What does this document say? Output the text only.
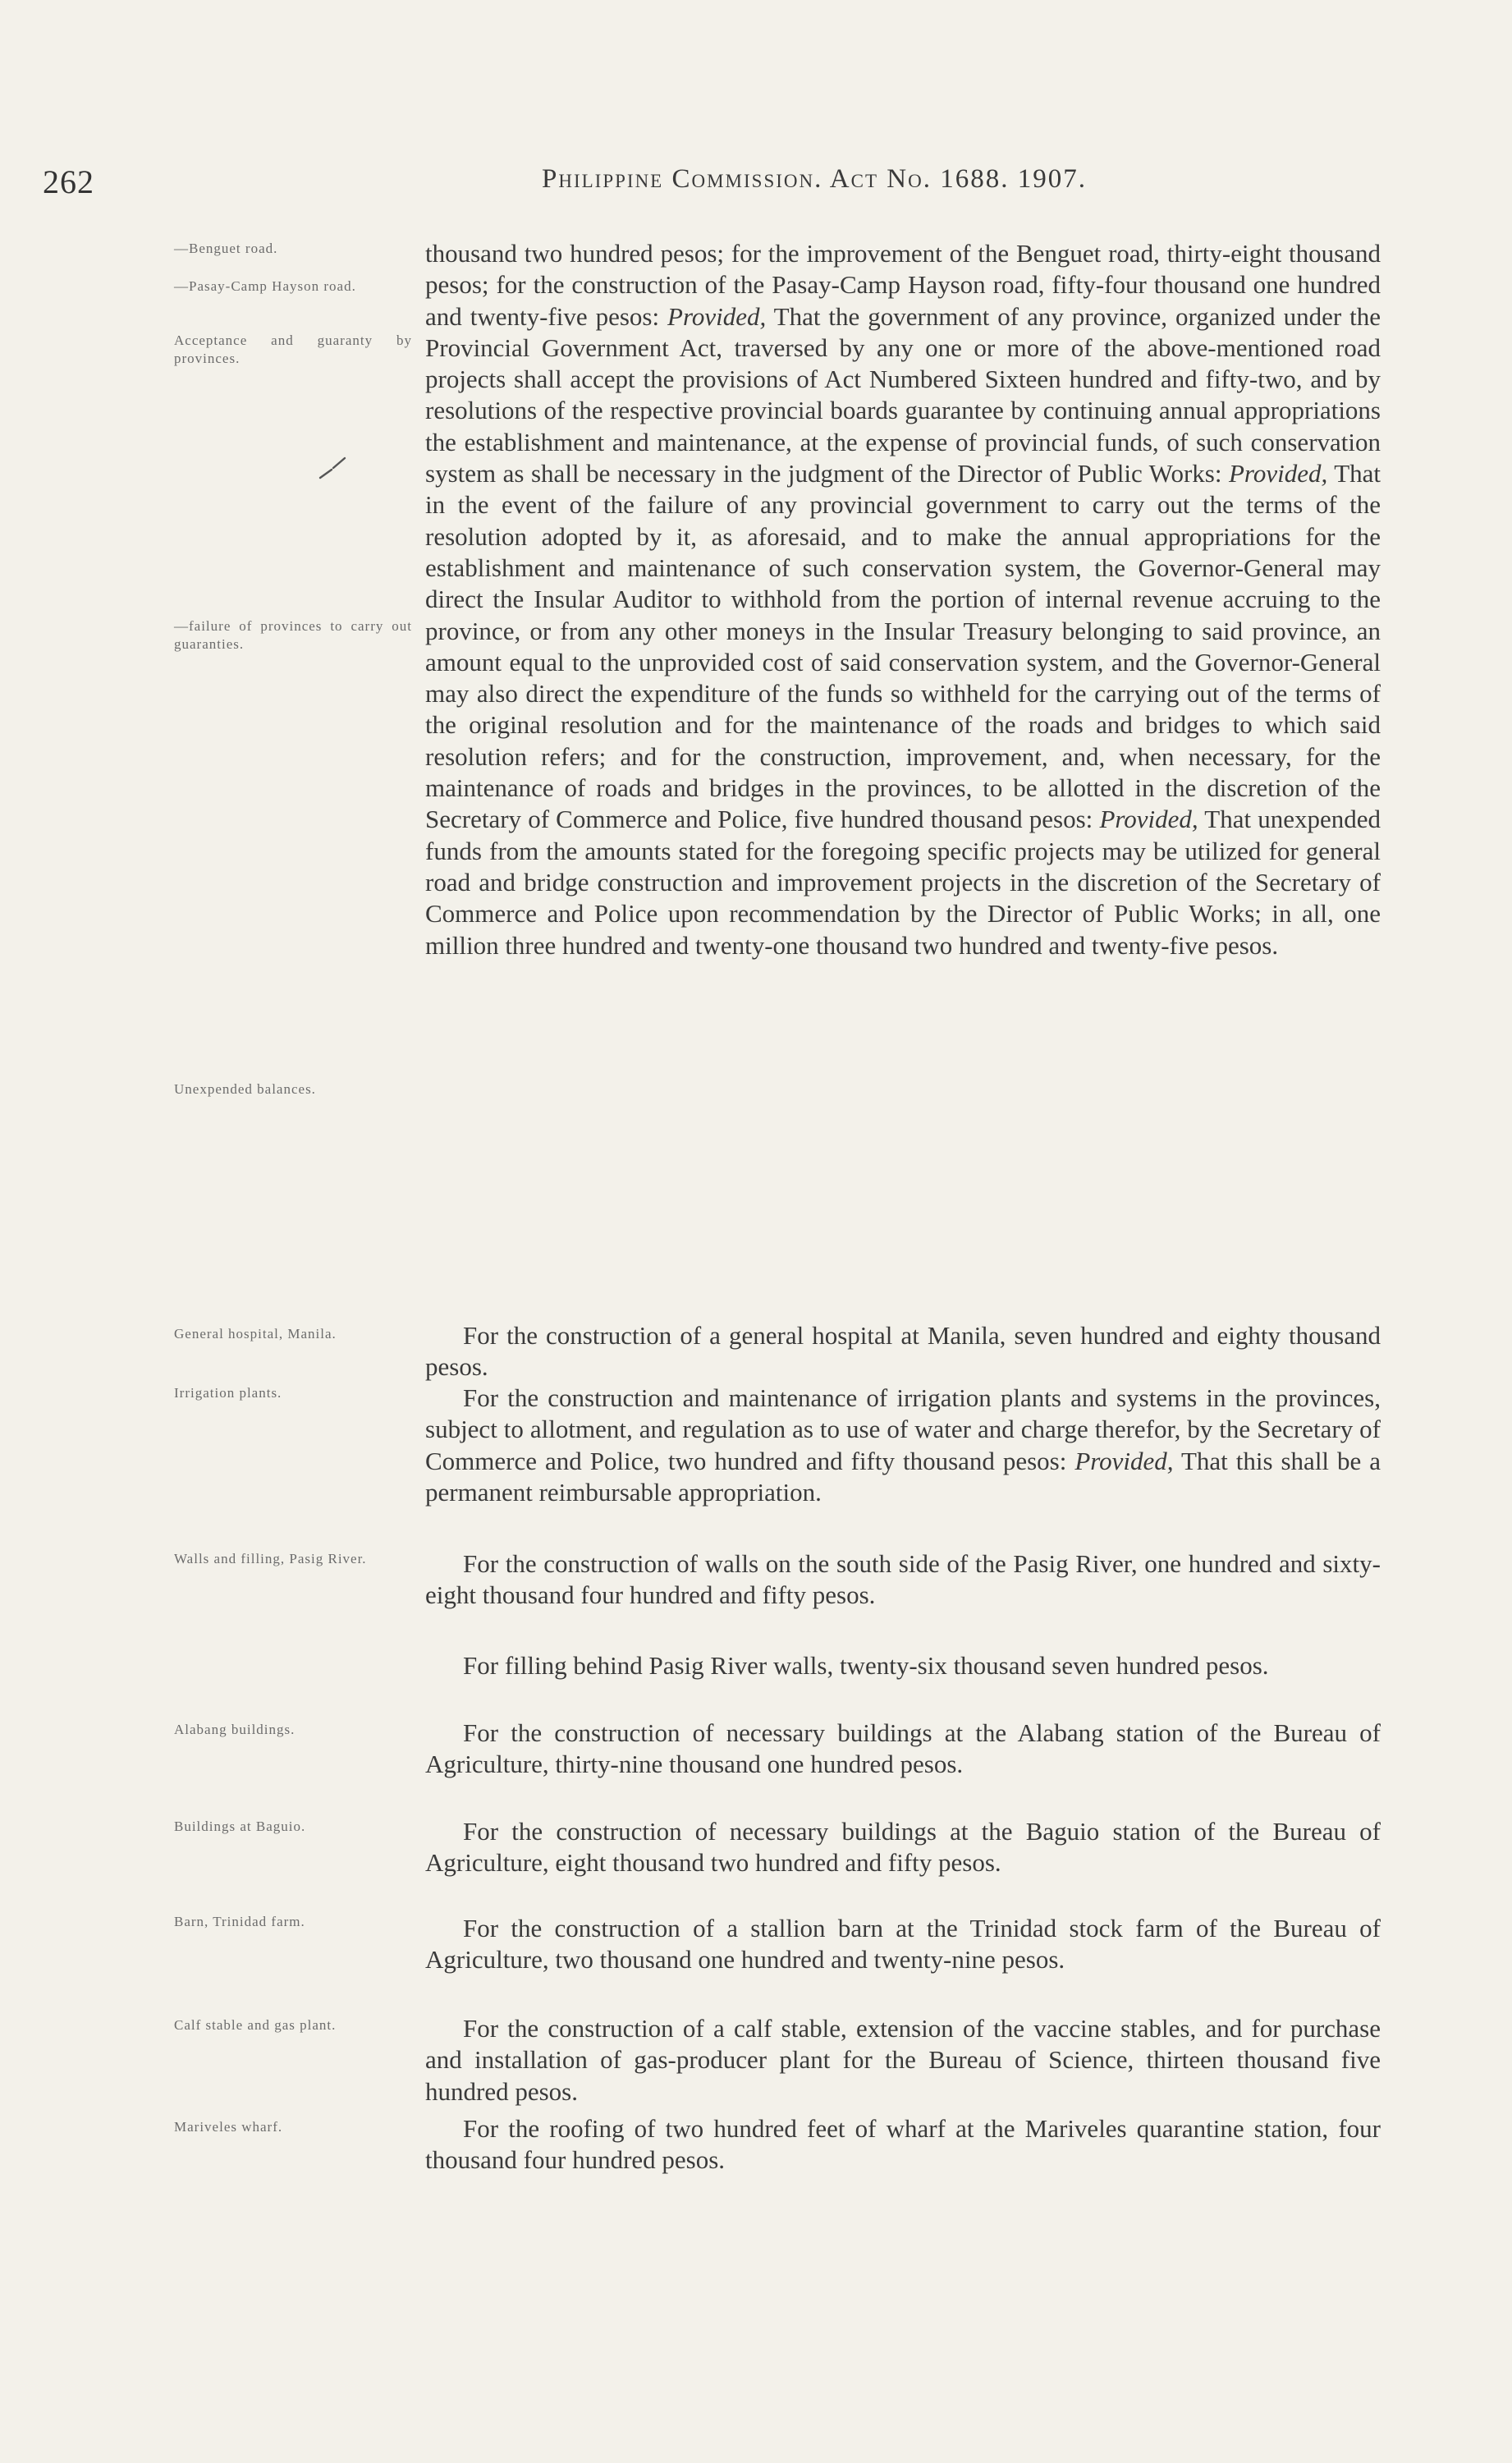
262	Philippine Commission. Act No. 1688. 1907.
—Benguet road.
—Pasay-Camp Hayson road.
Acceptance and guaranty by provinces.
—failure of provinces to carry out guaranties.
Unexpended balances.
General hospital, Manila.
Irrigation plants.
Walls and filling, Pasig River.
Alabang buildings.
Buildings at Baguio.
Barn, Trinidad farm.
Calf stable and gas plant.
Mariveles wharf.

thousand two hundred pesos; for the improvement of the Benguet road, thirty-eight thousand pesos; for the construction of the Pasay-Camp Hayson road, fifty-four thousand one hundred and twenty-five pesos: Provided, That the government of any province, organized under the Provincial Government Act, traversed by any one or more of the above-mentioned road projects shall accept the provisions of Act Numbered Sixteen hundred and fifty-two, and by resolutions of the respective provincial boards guarantee by continuing annual appropriations the establishment and maintenance, at the expense of provincial funds, of such conservation system as shall be necessary in the judgment of the Director of Public Works: Provided, That in the event of the failure of any provincial government to carry out the terms of the resolution adopted by it, as aforesaid, and to make the annual appropriations for the establishment and maintenance of such conservation system, the Governor-General may direct the Insular Auditor to withhold from the portion of internal revenue accruing to the province, or from any other moneys in the Insular Treasury belonging to said province, an amount equal to the unprovided cost of said conservation system, and the Governor-General may also direct the expenditure of the funds so withheld for the carrying out of the terms of the original resolution and for the maintenance of the roads and bridges to which said resolution refers; and for the construction, improvement, and, when necessary, for the maintenance of roads and bridges in the provinces, to be allotted in the discretion of the Secretary of Commerce and Police, five hundred thousand pesos: Provided, That unexpended funds from the amounts stated for the foregoing specific projects may be utilized for general road and bridge construction and improvement projects in the discretion of the Secretary of Commerce and Police upon recommendation by the Director of Public Works; in all, one million three hundred and twenty-one thousand two hundred and twenty-five pesos.

For the construction of a general hospital at Manila, seven hundred and eighty thousand pesos.

For the construction and maintenance of irrigation plants and systems in the provinces, subject to allotment, and regulation as to use of water and charge therefor, by the Secretary of Commerce and Police, two hundred and fifty thousand pesos: Provided, That this shall be a permanent reimbursable appropriation.

For the construction of walls on the south side of the Pasig River, one hundred and sixty-eight thousand four hundred and fifty pesos.

For filling behind Pasig River walls, twenty-six thousand seven hundred pesos.

For the construction of necessary buildings at the Alabang station of the Bureau of Agriculture, thirty-nine thousand one hundred pesos.

For the construction of necessary buildings at the Baguio station of the Bureau of Agriculture, eight thousand two hundred and fifty pesos.

For the construction of a stallion barn at the Trinidad stock farm of the Bureau of Agriculture, two thousand one hundred and twenty-nine pesos.

For the construction of a calf stable, extension of the vaccine stables, and for purchase and installation of gas-producer plant for the Bureau of Science, thirteen thousand five hundred pesos.

For the roofing of two hundred feet of wharf at the Mariveles quarantine station, four thousand four hundred pesos.
